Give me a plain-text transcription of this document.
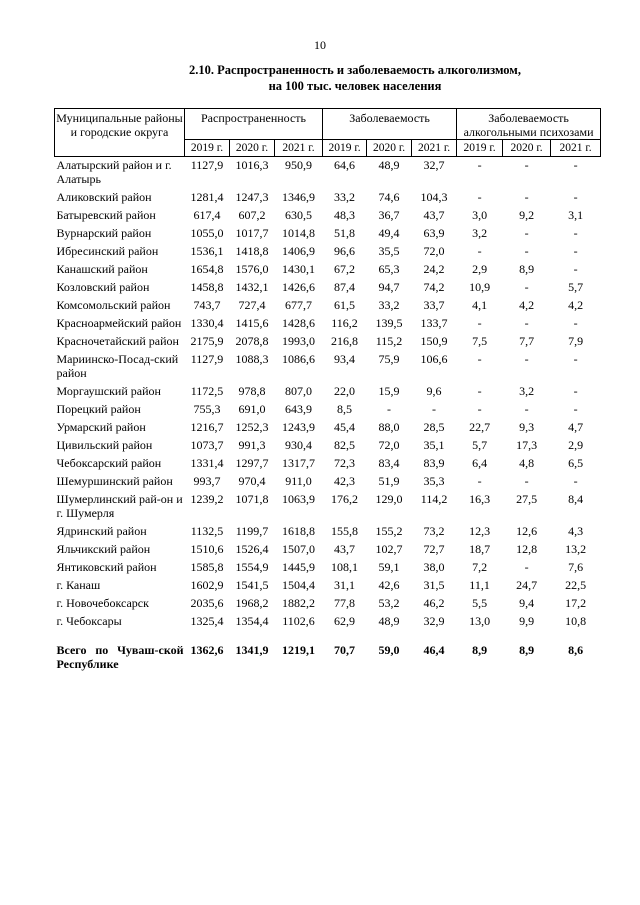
10
2.10. Распространенность и заболеваемость алкоголизмом,
на 100 тыс. человек населения
Муниципальные районы и городские округа	Распространенность			Заболеваемость			Заболеваемость алкогольными психозами		
	2019 г.	2020 г.	2021 г.	2019 г.	2020 г.	2021 г.	2019 г.	2020 г.	2021 г.
Алатырский район и г. Алатырь	1127,9	1016,3	950,9	64,6	48,9	32,7	-	-	-
Аликовский район	1281,4	1247,3	1346,9	33,2	74,6	104,3	-	-	-
Батыревский район	617,4	607,2	630,5	48,3	36,7	43,7	3,0	9,2	3,1
Вурнарский район	1055,0	1017,7	1014,8	51,8	49,4	63,9	3,2	-	-
Ибресинский район	1536,1	1418,8	1406,9	96,6	35,5	72,0	-	-	-
Канашский район	1654,8	1576,0	1430,1	67,2	65,3	24,2	2,9	8,9	-
Козловский район	1458,8	1432,1	1426,6	87,4	94,7	74,2	10,9	-	5,7
Комсомольский район	743,7	727,4	677,7	61,5	33,2	33,7	4,1	4,2	4,2
Красноармейский район	1330,4	1415,6	1428,6	116,2	139,5	133,7	-	-	-
Красночетайский район	2175,9	2078,8	1993,0	216,8	115,2	150,9	7,5	7,7	7,9
Мариинско-Посад-ский район	1127,9	1088,3	1086,6	93,4	75,9	106,6	-	-	-
Моргаушский район	1172,5	978,8	807,0	22,0	15,9	9,6	-	3,2	-
Порецкий район	755,3	691,0	643,9	8,5	-	-	-	-	-
Урмарский район	1216,7	1252,3	1243,9	45,4	88,0	28,5	22,7	9,3	4,7
Цивильский район	1073,7	991,3	930,4	82,5	72,0	35,1	5,7	17,3	2,9
Чебоксарский район	1331,4	1297,7	1317,7	72,3	83,4	83,9	6,4	4,8	6,5
Шемуршинский район	993,7	970,4	911,0	42,3	51,9	35,3	-	-	-
Шумерлинский рай-он и г. Шумерля	1239,2	1071,8	1063,9	176,2	129,0	114,2	16,3	27,5	8,4
Ядринский район	1132,5	1199,7	1618,8	155,8	155,2	73,2	12,3	12,6	4,3
Яльчикский район	1510,6	1526,4	1507,0	43,7	102,7	72,7	18,7	12,8	13,2
Янтиковский район	1585,8	1554,9	1445,9	108,1	59,1	38,0	7,2	-	7,6
г. Канаш	1602,9	1541,5	1504,4	31,1	42,6	31,5	11,1	24,7	22,5
г. Новочебоксарск	2035,6	1968,2	1882,2	77,8	53,2	46,2	5,5	9,4	17,2
г. Чебоксары	1325,4	1354,4	1102,6	62,9	48,9	32,9	13,0	9,9	10,8

Всего по Чуваш-ской Республике	1362,6	1341,9	1219,1	70,7	59,0	46,4	8,9	8,9	8,6
